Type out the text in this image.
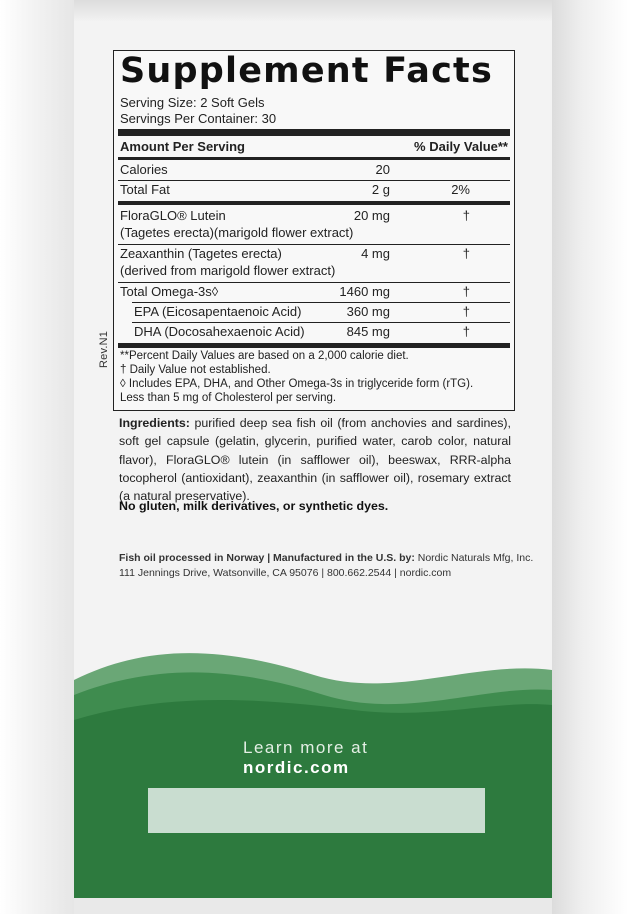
Rev.N1
Supplement Facts
Serving Size: 2 Soft Gels
Servings Per Container: 30
Amount Per Serving	% Daily Value**
Calories	20
Total Fat	2 g	2%
FloraGLO® Lutein	20 mg	†
(Tagetes erecta)(marigold flower extract)
Zeaxanthin (Tagetes erecta)	4 mg	†
(derived from marigold flower extract)
Total Omega-3s◊	1460 mg	†
EPA (Eicosapentaenoic Acid)	360 mg	†
DHA (Docosahexaenoic Acid)	845 mg	†
**Percent Daily Values are based on a 2,000 calorie diet.
† Daily Value not established.
◊ Includes EPA, DHA, and Other Omega-3s in triglyceride form (rTG).
Less than 5 mg of Cholesterol per serving.
Ingredients: purified deep sea fish oil (from anchovies and sardines), soft gel capsule (gelatin, glycerin, purified water, carob color, natural flavor), FloraGLO® lutein (in safflower oil), beeswax, RRR-alpha tocopherol (antioxidant), zeaxanthin (in safflower oil), rosemary extract (a natural preservative).
No gluten, milk derivatives, or synthetic dyes.
Fish oil processed in Norway | Manufactured in the U.S. by: Nordic Naturals Mfg, Inc.
111 Jennings Drive, Watsonville, CA 95076 | 800.662.2544 | nordic.com
Learn more at
nordic.com
